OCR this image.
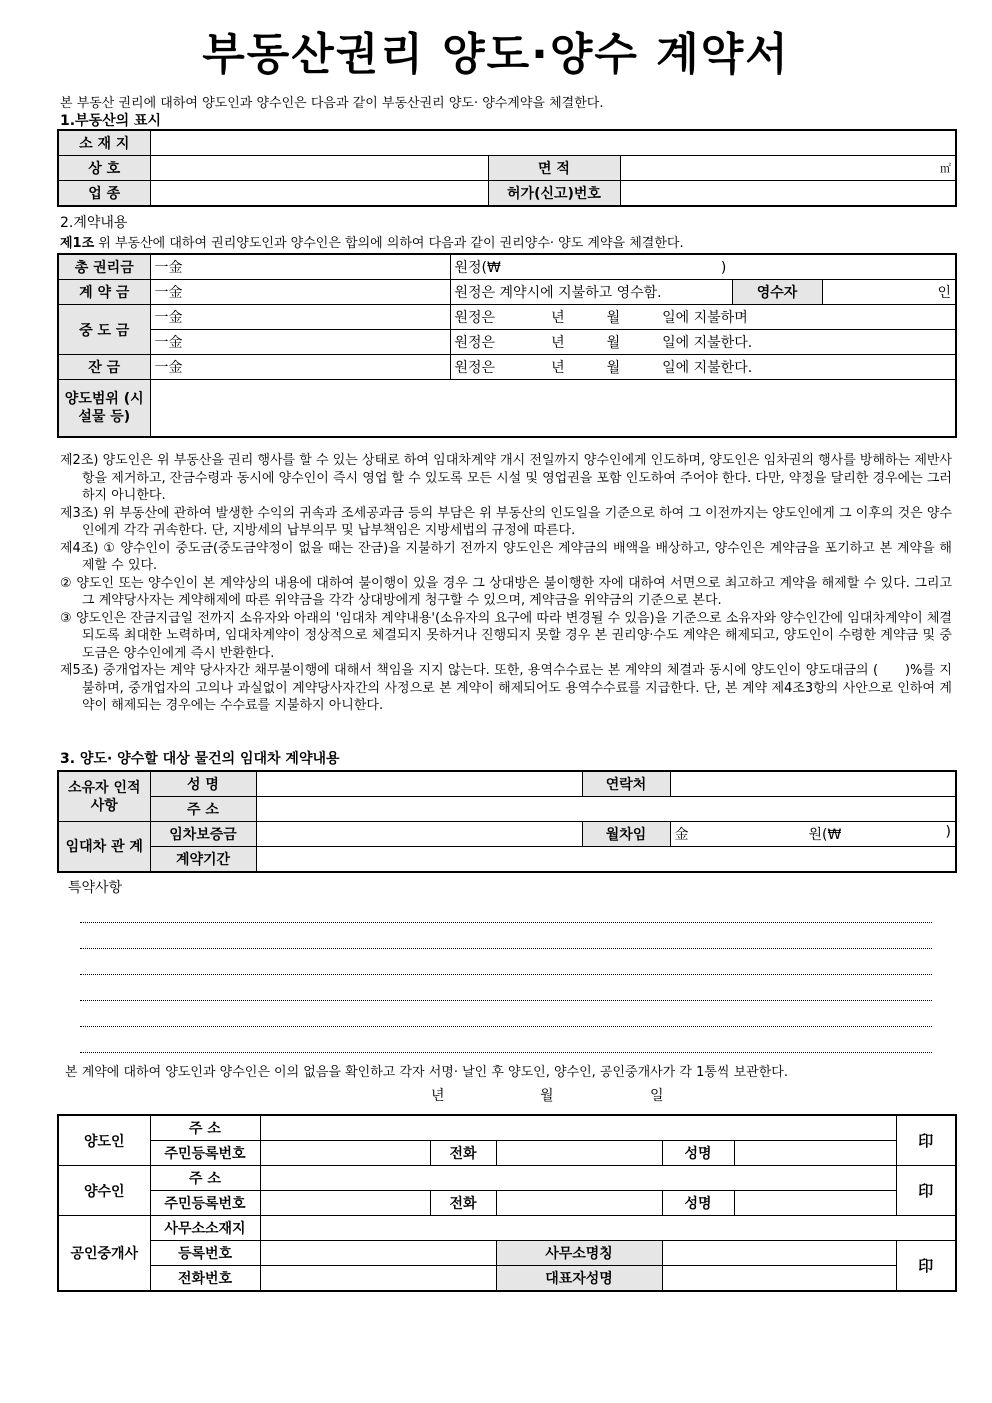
부동산권리 양도·양수 계약서
본 부동산 권리에 대하여 양도인과 양수인은 다음과 같이 부동산권리 양도· 양수계약을 체결한다.
1.부동산의 표시
소 재 지			
상 호		면 적	㎡
업 종		허가(신고)번호	
2.계약내용
제1조 위 부동산에 대하여 권리양도인과 양수인은 합의에 의하여 다음과 같이 권리양수· 양도 계약을 체결한다.
총 권리금	一金	원정(₩ )		
계 약 금	一金	원정은 계약시에 지불하고 영수함.	영수자	인
중 도 금	一金	원정은　　　　년　　　월　　　일에 지불하며		
	一金	원정은　　　　년　　　월　　　일에 지불한다.		
잔 금	一金	원정은　　　　년　　　월　　　일에 지불한다.		
양도범위 (시설물 등)				

제2조) 양도인은 위 부동산을 권리 행사를 할 수 있는 상태로 하여 임대차계약 개시 전일까지 양수인에게 인도하며, 양도인은 임차권의 행사를 방해하는 제반사항을 제거하고, 잔금수령과 동시에 양수인이 즉시 영업 할 수 있도록 모든 시설 및 영업권을 포함 인도하여 주어야 한다. 다만, 약정을 달리한 경우에는 그러하지 아니한다.

제3조) 위 부동산에 관하여 발생한 수익의 귀속과 조세공과금 등의 부담은 위 부동산의 인도일을 기준으로 하여 그 이전까지는 양도인에게 그 이후의 것은 양수인에게 각각 귀속한다. 단, 지방세의 납부의무 및 납부책임은 지방세법의 규정에 따른다.

제4조) ① 양수인이 중도금(중도금약정이 없을 때는 잔금)을 지불하기 전까지 양도인은 계약금의 배액을 배상하고, 양수인은 계약금을 포기하고 본 계약을 해제할 수 있다.

② 양도인 또는 양수인이 본 계약상의 내용에 대하여 불이행이 있을 경우 그 상대방은 불이행한 자에 대하여 서면으로 최고하고 계약을 해제할 수 있다. 그리고 그 계약당사자는 계약해제에 따른 위약금을 각각 상대방에게 청구할 수 있으며, 계약금을 위약금의 기준으로 본다.

③ 양도인은 잔금지급일 전까지 소유자와 아래의 '임대차 계약내용'(소유자의 요구에 따라 변경될 수 있음)을 기준으로 소유자와 양수인간에 임대차계약이 체결되도록 최대한 노력하며, 임대차계약이 정상적으로 체결되지 못하거나 진행되지 못할 경우 본 권리양·수도 계약은 해제되고, 양도인이 수령한 계약금 및 중도금은 양수인에게 즉시 반환한다.

제5조) 중개업자는 계약 당사자간 채무불이행에 대해서 책임을 지지 않는다. 또한, 용역수수료는 본 계약의 체결과 동시에 양도인이 양도대금의 (　　)%를 지불하며, 중개업자의 고의나 과실없이 계약당사자간의 사정으로 본 계약이 해제되어도 용역수수료를 지급한다. 단, 본 계약 제4조3항의 사안으로 인하여 계약이 해제되는 경우에는 수수료를 지불하지 아니한다.

3. 양도· 양수할 대상 물건의 임대차 계약내용
소유자 인적사항	성 명		연락처	
	주 소			
임대차 관 계	임차보증금		월차임	金 원(₩ )

	계약기간			
특약사항
본 계약에 대하여 양도인과 양수인은 이의 없음을 확인하고 각자 서명· 날인 후 양도인, 양수인, 공인중개사가 각 1통씩 보관한다.
년	월	일
양도인	주 소						印
	주민등록번호		전화		성명		
양수인	주 소						印
	주민등록번호		전화		성명		
공인중개사	사무소소재지						
	등록번호			사무소명칭			印
	전화번호			대표자성명			
